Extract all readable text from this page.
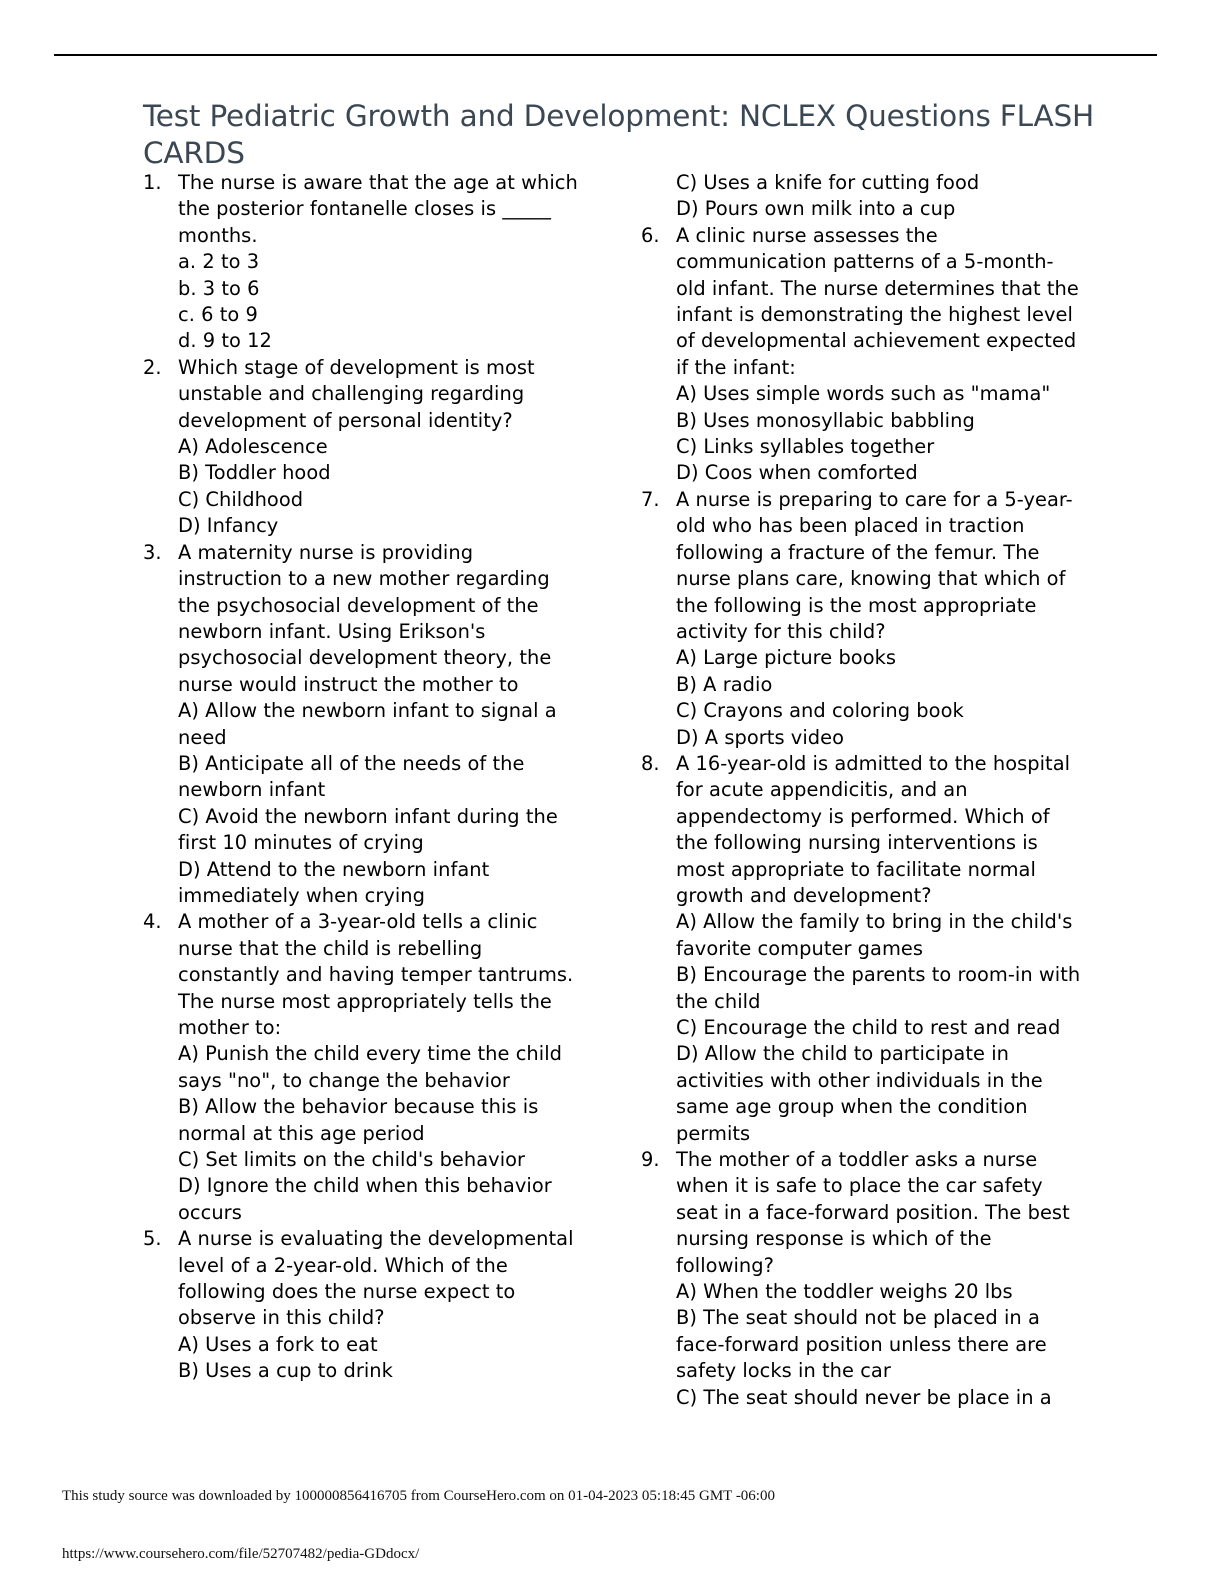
Test Pediatric Growth and Development: NCLEX Questions FLASH CARDS
1. The nurse is aware that the age at which the posterior fontanelle closes is _____ months.
a. 2 to 3
b. 3 to 6
c. 6 to 9
d. 9 to 12
2. Which stage of development is most unstable and challenging regarding development of personal identity?
A) Adolescence
B) Toddler hood
C) Childhood
D) Infancy
3. A maternity nurse is providing instruction to a new mother regarding the psychosocial development of the newborn infant. Using Erikson's psychosocial development theory, the nurse would instruct the mother to
A) Allow the newborn infant to signal a need
B) Anticipate all of the needs of the newborn infant
C) Avoid the newborn infant during the first 10 minutes of crying
D) Attend to the newborn infant immediately when crying
4. A mother of a 3-year-old tells a clinic nurse that the child is rebelling constantly and having temper tantrums. The nurse most appropriately tells the mother to:
A) Punish the child every time the child says "no", to change the behavior
B) Allow the behavior because this is normal at this age period
C) Set limits on the child's behavior
D) Ignore the child when this behavior occurs
5. A nurse is evaluating the developmental level of a 2-year-old. Which of the following does the nurse expect to observe in this child?
A) Uses a fork to eat
B) Uses a cup to drink
C) Uses a knife for cutting food
D) Pours own milk into a cup
6. A clinic nurse assesses the communication patterns of a 5-month-old infant. The nurse determines that the infant is demonstrating the highest level of developmental achievement expected if the infant:
A) Uses simple words such as "mama"
B) Uses monosyllabic babbling
C) Links syllables together
D) Coos when comforted
7. A nurse is preparing to care for a 5-year-old who has been placed in traction following a fracture of the femur. The nurse plans care, knowing that which of the following is the most appropriate activity for this child?
A) Large picture books
B) A radio
C) Crayons and coloring book
D) A sports video
8. A 16-year-old is admitted to the hospital for acute appendicitis, and an appendectomy is performed. Which of the following nursing interventions is most appropriate to facilitate normal growth and development?
A) Allow the family to bring in the child's favorite computer games
B) Encourage the parents to room-in with the child
C) Encourage the child to rest and read
D) Allow the child to participate in activities with other individuals in the same age group when the condition permits
9. The mother of a toddler asks a nurse when it is safe to place the car safety seat in a face-forward position. The best nursing response is which of the following?
A) When the toddler weighs 20 lbs
B) The seat should not be placed in a face-forward position unless there are safety locks in the car
C) The seat should never be place in a
This study source was downloaded by 100000856416705 from CourseHero.com on 01-04-2023 05:18:45 GMT -06:00
https://www.coursehero.com/file/52707482/pedia-GDdocx/
